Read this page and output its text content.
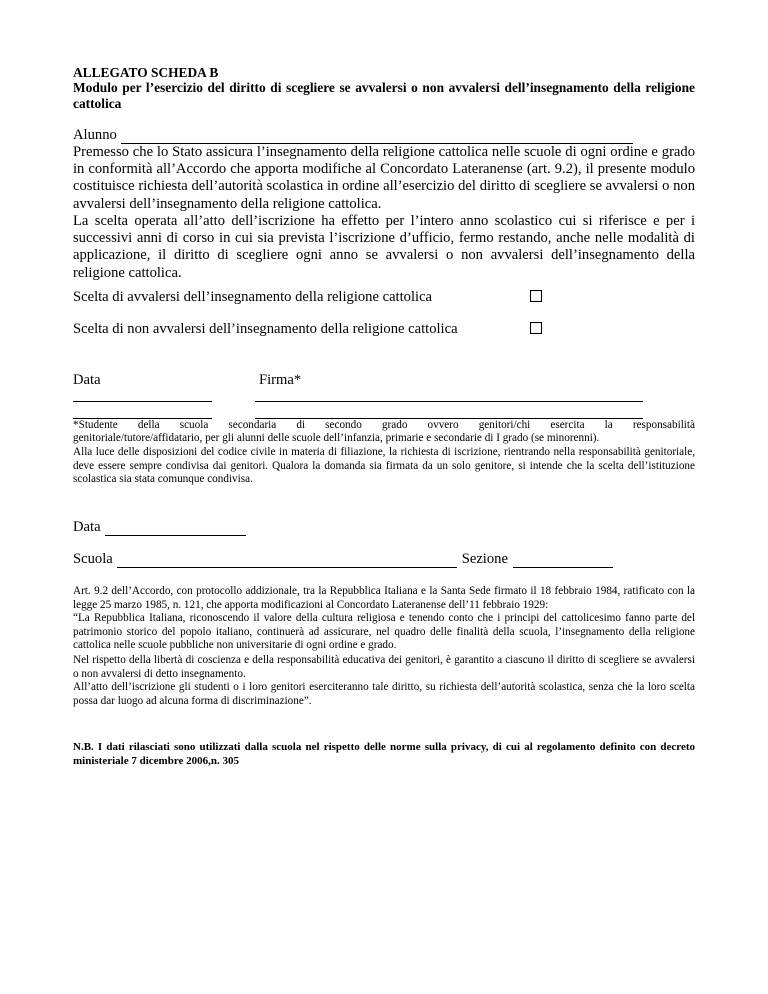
ALLEGATO SCHEDA B
Modulo per l’esercizio del diritto di scegliere se avvalersi o non avvalersi dell’insegnamento della religione cattolica
Alunno
Premesso che lo Stato assicura l’insegnamento della religione cattolica nelle scuole di ogni ordine e grado in conformità all’Accordo che apporta modifiche al Concordato Lateranense (art. 9.2), il presente modulo costituisce richiesta dell’autorità scolastica in ordine all’esercizio del diritto di scegliere se avvalersi o non avvalersi dell’insegnamento della religione cattolica.
La scelta operata all’atto dell’iscrizione ha effetto per l’intero anno scolastico cui si riferisce e per i successivi anni di corso in cui sia prevista l’iscrizione d’ufficio, fermo restando, anche nelle modalità di applicazione, il diritto di scegliere ogni anno se avvalersi o non avvalersi dell’insegnamento della religione cattolica.
Scelta di avvalersi dell’insegnamento della religione cattolica
Scelta di non avvalersi dell’insegnamento della religione cattolica
Data	Firma*
*Studente della scuola secondaria di secondo grado ovvero genitori/chi esercita la responsabilità
genitoriale/tutore/affidatario, per gli alunni delle scuole dell’infanzia, primarie e secondarie di I grado (se minorenni).
Alla luce delle disposizioni del codice civile in materia di filiazione, la richiesta di iscrizione, rientrando nella responsabilità genitoriale, deve essere sempre condivisa dai genitori. Qualora la domanda sia firmata da un solo genitore, si intende che la scelta dell’istituzione scolastica sia stata comunque condivisa.
Data
Scuola	Sezione
Art. 9.2 dell’Accordo, con protocollo addizionale, tra la Repubblica Italiana e la Santa Sede firmato il 18 febbraio 1984, ratificato con la legge 25 marzo 1985, n. 121, che apporta modificazioni al Concordato Lateranense dell’11 febbraio 1929:
“La Repubblica Italiana, riconoscendo il valore della cultura religiosa e tenendo conto che i principi del cattolicesimo fanno parte del patrimonio storico del popolo italiano, continuerà ad assicurare, nel quadro delle finalità della scuola, l’insegnamento della religione cattolica nelle scuole pubbliche non universitarie di ogni ordine e grado.
Nel rispetto della libertà di coscienza e della responsabilità educativa dei genitori, è garantito a ciascuno il diritto di scegliere se avvalersi o non avvalersi di detto insegnamento.
All’atto dell’iscrizione gli studenti o i loro genitori eserciteranno tale diritto, su richiesta dell’autorità scolastica, senza che la loro scelta possa dar luogo ad alcuna forma di discriminazione”.
N.B. I dati rilasciati sono utilizzati dalla scuola nel rispetto delle norme sulla privacy, di cui al regolamento definito con decreto ministeriale 7 dicembre 2006,n. 305
